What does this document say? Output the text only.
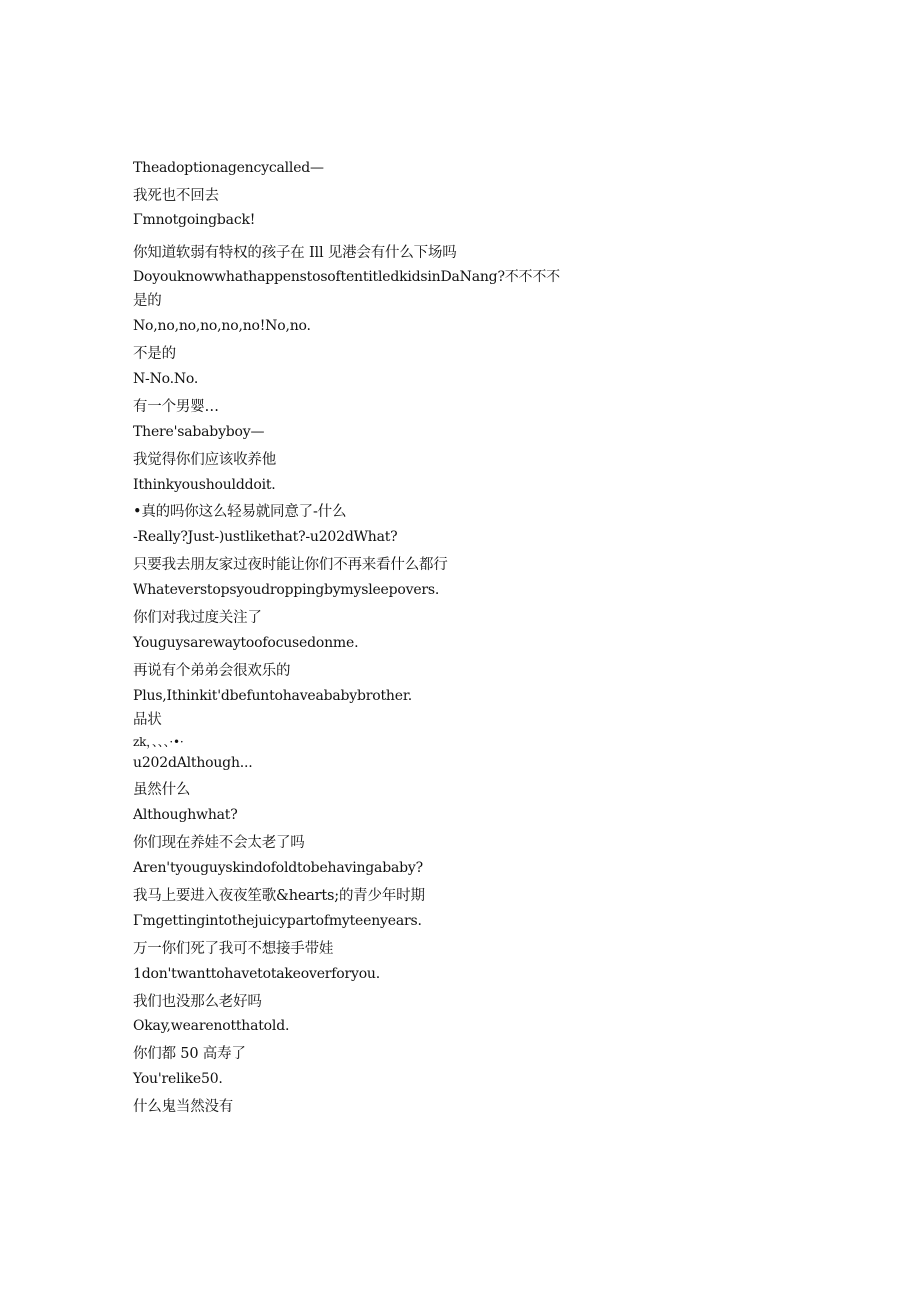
Theadoptionagencycalled—
我死也不回去
Γmnotgoingback!
你知道软弱有特权的孩子在 Ill 见港会有什么下场吗
DoyouknowwhathappenstosoftentitledkidsinDaNang?不不不不
是的
No,no,no,no,no,no!No,no.
不是的
N-No.No.
有一个男婴…
There'sababyboy—
我觉得你们应该收养他
Ithinkyoushoulddoit.
•真的吗你这么轻易就同意了-什么
-Really?Just-)ustlikethat?-u202dWhat?
只要我去朋友家过夜时能让你们不再来看什么都行
Whateverstopsyoudroppingbymysleepovers.
你们对我过度关注了
Youguysarewaytoofocusedonme.
再说有个弟弟会很欢乐的
Plus,Ithinkit'dbefuntohaveababybrother.
品状
zk，、、、·•·
u202dAlthough...
虽然什么
Althoughwhat?
你们现在养娃不会太老了吗
Aren'tyouguyskindofoldtobehavingababy?
我马上要进入夜夜笙歌&hearts;的青少年时期
Γmgettingintothejuicypartofmyteenyears.
万一你们死了我可不想接手带娃
1don'twanttohavetotakeoverforyou.
我们也没那么老好吗
Okay,wearenotthatold.
你们都 50 高寿了
You'relike50.
什么鬼当然没有
